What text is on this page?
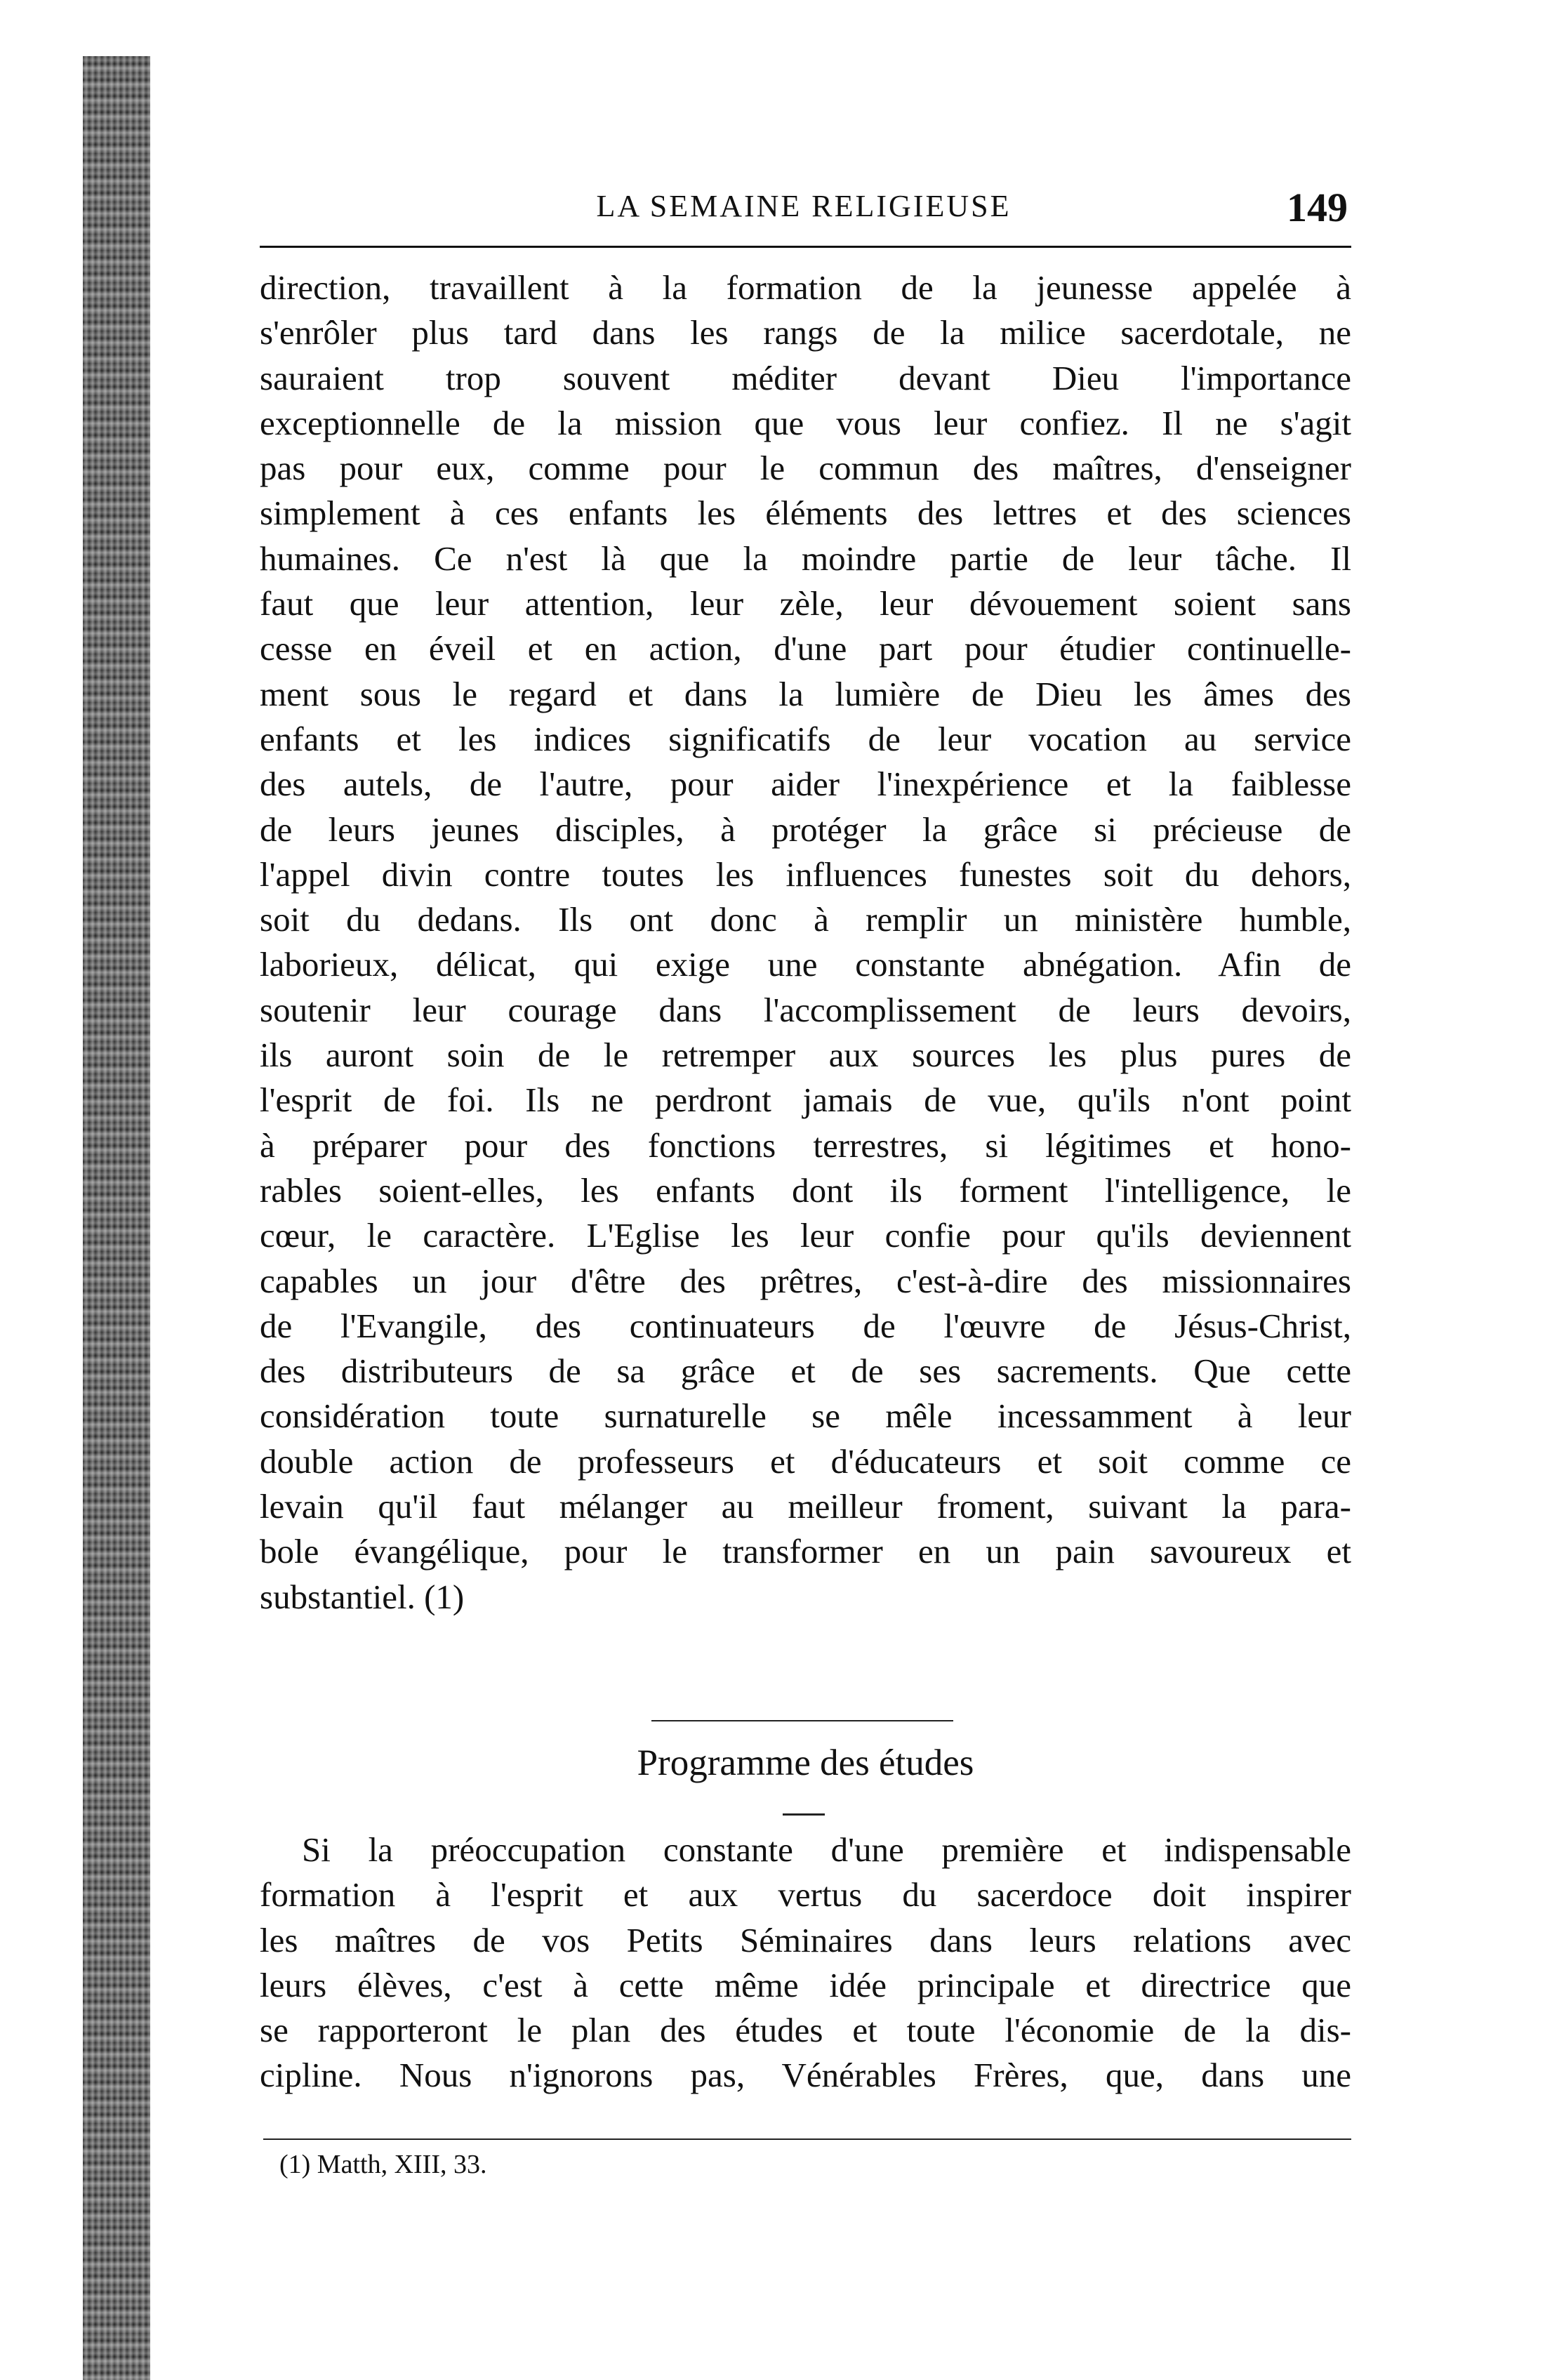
LA SEMAINE RELIGIEUSE	149
direction, travaillent à la formation de la jeunesse appelée à
s'enrôler plus tard dans les rangs de la milice sacerdotale, ne
sauraient trop souvent méditer devant Dieu l'importance
exceptionnelle de la mission que vous leur confiez. Il ne s'agit
pas pour eux, comme pour le commun des maîtres, d'enseigner
simplement à ces enfants les éléments des lettres et des sciences
humaines. Ce n'est là que la moindre partie de leur tâche. Il
faut que leur attention, leur zèle, leur dévouement soient sans
cesse en éveil et en action, d'une part pour étudier continuelle-
ment sous le regard et dans la lumière de Dieu les âmes des
enfants et les indices significatifs de leur vocation au service
des autels, de l'autre, pour aider l'inexpérience et la faiblesse
de leurs jeunes disciples, à protéger la grâce si précieuse de
l'appel divin contre toutes les influences funestes soit du dehors,
soit du dedans. Ils ont donc à remplir un ministère humble,
laborieux, délicat, qui exige une constante abnégation. Afin de
soutenir leur courage dans l'accomplissement de leurs devoirs,
ils auront soin de le retremper aux sources les plus pures de
l'esprit de foi. Ils ne perdront jamais de vue, qu'ils n'ont point
à préparer pour des fonctions terrestres, si légitimes et hono-
rables soient-elles, les enfants dont ils forment l'intelligence, le
cœur, le caractère. L'Eglise les leur confie pour qu'ils deviennent
capables un jour d'être des prêtres, c'est-à-dire des missionnaires
de l'Evangile, des continuateurs de l'œuvre de Jésus-Christ,
des distributeurs de sa grâce et de ses sacrements. Que cette
considération toute surnaturelle se mêle incessamment à leur
double action de professeurs et d'éducateurs et soit comme ce
levain qu'il faut mélanger au meilleur froment, suivant la para-
bole évangélique, pour le transformer en un pain savoureux et
substantiel. (1)
Programme des études
Si la préoccupation constante d'une première et indispensable
formation à l'esprit et aux vertus du sacerdoce doit inspirer
les maîtres de vos Petits Séminaires dans leurs relations avec
leurs élèves, c'est à cette même idée principale et directrice que
se rapporteront le plan des études et toute l'économie de la dis-
cipline. Nous n'ignorons pas, Vénérables Frères, que, dans une
(1) Matth, XIII, 33.
